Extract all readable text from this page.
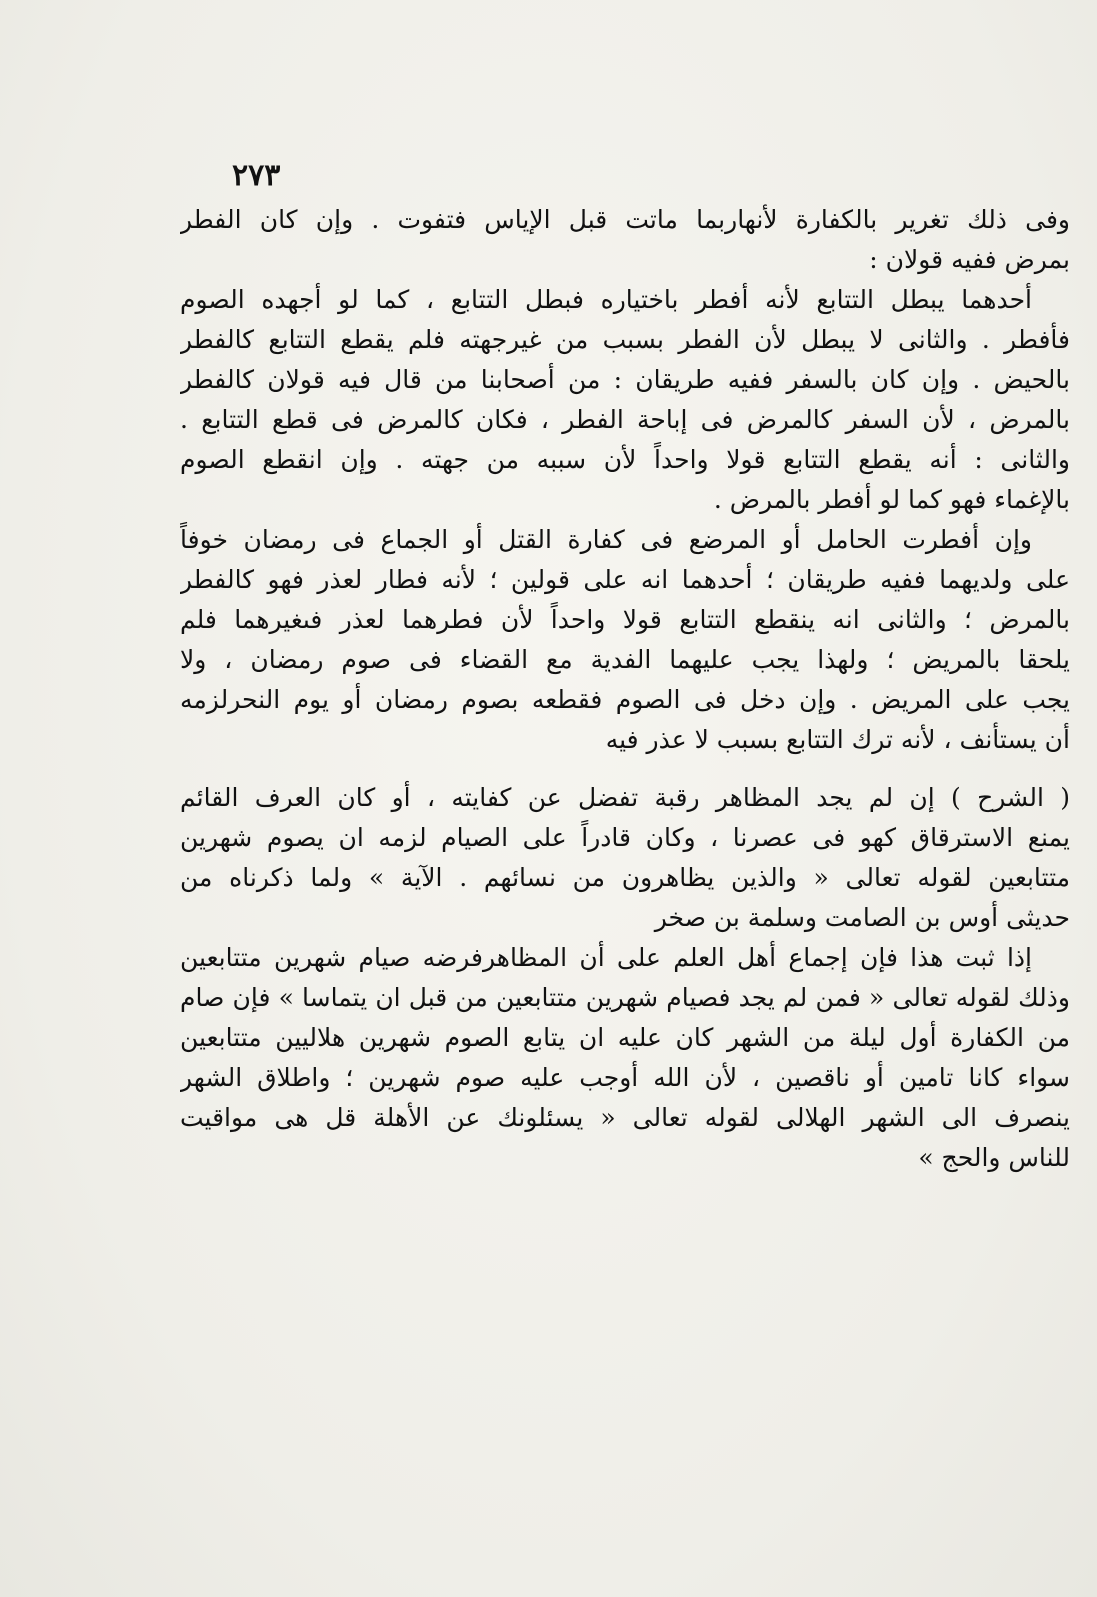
٢٧٣
وفى ذلك تغرير بالكفارة لأنهاربما ماتت قبل الإياس فتفوت . وإن كان الفطر
بمرض ففيه قولان :
أحدهما يبطل التتابع لأنه أفطر باختياره فبطل التتابع ، كما لو أجهده الصوم
فأفطر . والثانى لا يبطل لأن الفطر بسبب من غيرجهته فلم يقطع التتابع كالفطر
بالحيض . وإن كان بالسفر ففيه طريقان : من أصحابنا من قال فيه قولان كالفطر
بالمرض ، لأن السفر كالمرض فى إباحة الفطر ، فكان كالمرض فى قطع التتابع .
والثانى : أنه يقطع التتابع قولا واحداً لأن سببه من جهته . وإن انقطع الصوم
بالإغماء فهو كما لو أفطر بالمرض .
وإن أفطرت الحامل أو المرضع فى كفارة القتل أو الجماع فى رمضان خوفاً
على ولديهما ففيه طريقان ؛ أحدهما انه على قولين ؛ لأنه فطار لعذر فهو كالفطر
بالمرض ؛ والثانى انه ينقطع التتابع قولا واحداً لأن فطرهما لعذر فىغيرهما فلم
يلحقا بالمريض ؛ ولهذا يجب عليهما الفدية مع القضاء فى صوم رمضان ، ولا
يجب على المريض . وإن دخل فى الصوم فقطعه بصوم رمضان أو يوم النحرلزمه
أن يستأنف ، لأنه ترك التتابع بسبب لا عذر فيه
( الشرح ) إن لم يجد المظاهر رقبة تفضل عن كفايته ، أو كان العرف القائم
يمنع الاسترقاق كهو فى عصرنا ، وكان قادراً على الصيام لزمه ان يصوم شهرين
متتابعين لقوله تعالى « والذين يظاهرون من نسائهم . الآية » ولما ذكرناه من
حديثى أوس بن الصامت وسلمة بن صخر
إذا ثبت هذا فإن إجماع أهل العلم على أن المظاهرفرضه صيام شهرين متتابعين
وذلك لقوله تعالى « فمن لم يجد فصيام شهرين متتابعين من قبل ان يتماسا » فإن صام
من الكفارة أول ليلة من الشهر كان عليه ان يتابع الصوم شهرين هلاليين متتابعين
سواء كانا تامين أو ناقصين ، لأن الله أوجب عليه صوم شهرين ؛ واطلاق الشهر
ينصرف الى الشهر الهلالى لقوله تعالى « يسئلونك عن الأهلة قل هى مواقيت
للناس والحج »
